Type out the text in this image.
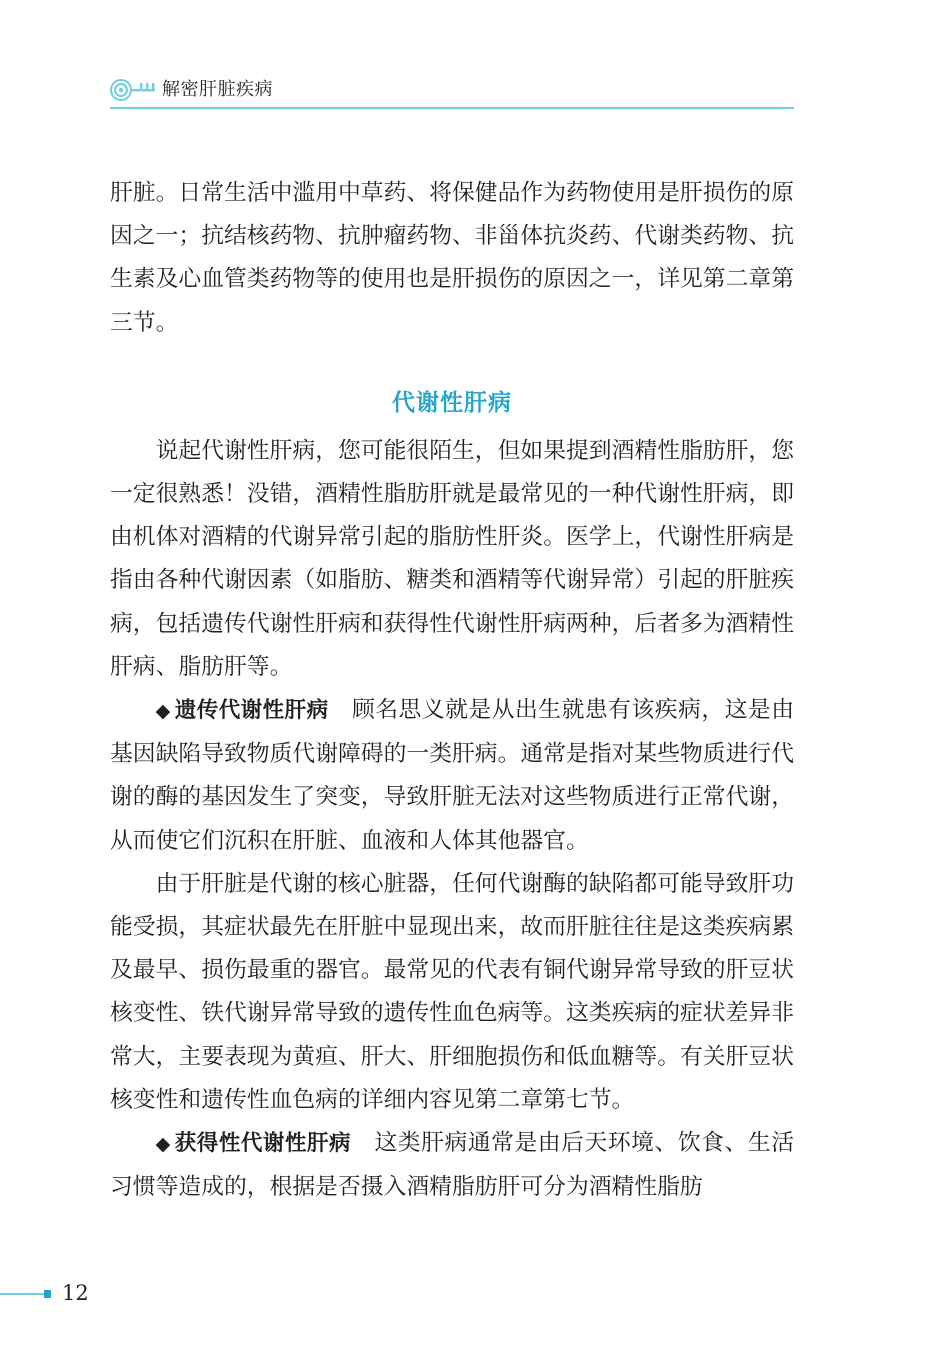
解密肝脏疾病

肝脏。日常生活中滥用中草药、将保健品作为药物使用是肝损伤的原因之一；抗结核药物、抗肿瘤药物、非甾体抗炎药、代谢类药物、抗生素及心血管类药物等的使用也是肝损伤的原因之一，详见第二章第三节。

代谢性肝病

说起代谢性肝病，您可能很陌生，但如果提到酒精性脂肪肝，您一定很熟悉！没错，酒精性脂肪肝就是最常见的一种代谢性肝病，即由机体对酒精的代谢异常引起的脂肪性肝炎。医学上，代谢性肝病是指由各种代谢因素（如脂肪、糖类和酒精等代谢异常）引起的肝脏疾病，包括遗传代谢性肝病和获得性代谢性肝病两种，后者多为酒精性肝病、脂肪肝等。

◆ 遗传代谢性肝病　 顾名思义就是从出生就患有该疾病，这是由基因缺陷导致物质代谢障碍的一类肝病。通常是指对某些物质进行代谢的酶的基因发生了突变，导致肝脏无法对这些物质进行正常代谢，从而使它们沉积在肝脏、血液和人体其他器官。

由于肝脏是代谢的核心脏器，任何代谢酶的缺陷都可能导致肝功能受损，其症状最先在肝脏中显现出来，故而肝脏往往是这类疾病累及最早、损伤最重的器官。最常见的代表有铜代谢异常导致的肝豆状核变性、铁代谢异常导致的遗传性血色病等。这类疾病的症状差异非常大，主要表现为黄疸、肝大、肝细胞损伤和低血糖等。有关肝豆状核变性和遗传性血色病的详细内容见第二章第七节。

◆ 获得性代谢性肝病　 这类肝病通常是由后天环境、饮食、生活习惯等造成的，根据是否摄入酒精脂肪肝可分为酒精性脂肪

12
